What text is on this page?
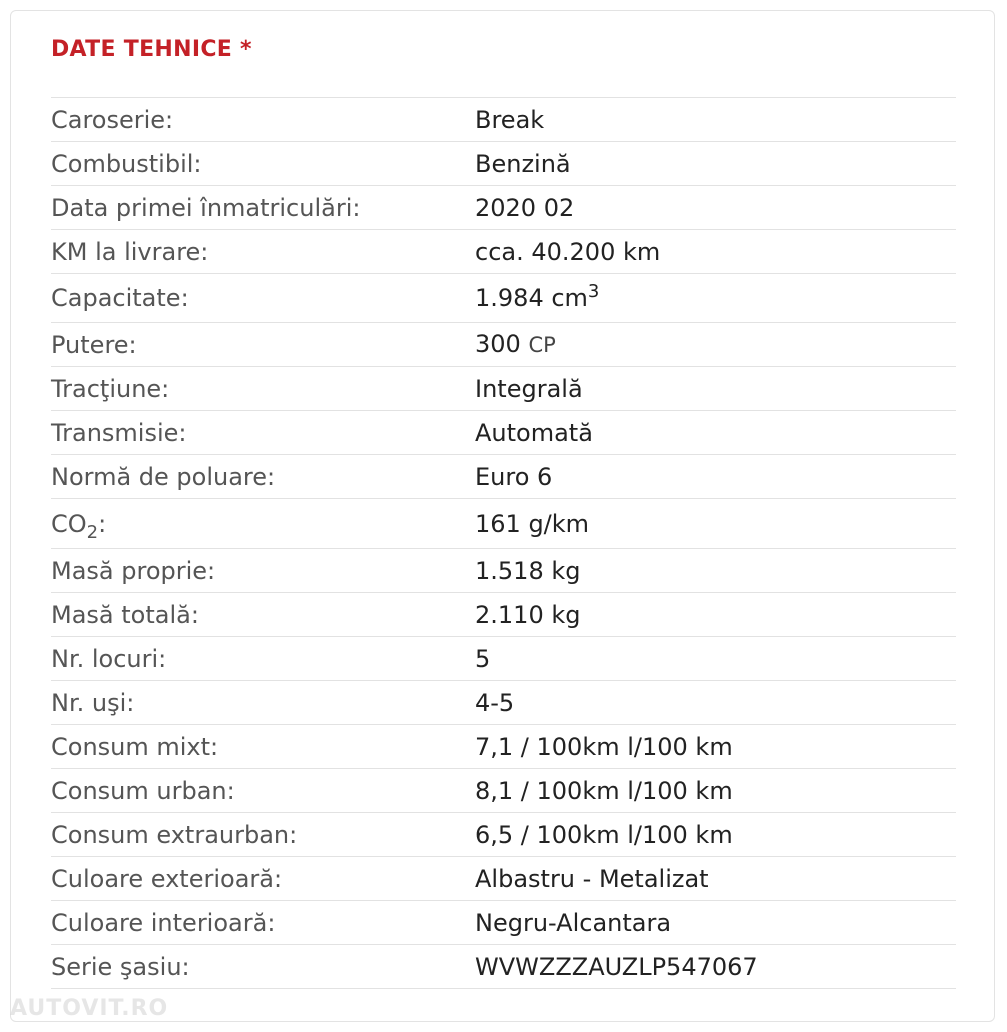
DATE TEHNICE *
Caroserie:	Break
Combustibil:	Benzină
Data primei înmatriculări:	2020 02
KM la livrare:	cca. 40.200 km
Capacitate:	1.984 $cm^3$
Putere:	300 CP
Tracţiune:	Integrală
Transmisie:	Automată
Normă de poluare:	Euro 6
$CO_2$:	161 g/km
Masă proprie:	1.518 kg
Masă totală:	2.110 kg
Nr. locuri:	5
Nr. uşi:	4-5
Consum mixt:	7,1 / 100km l/100 km
Consum urban:	8,1 / 100km l/100 km
Consum extraurban:	6,5 / 100km l/100 km
Culoare exterioară:	Albastru - Metalizat
Culoare interioară:	Negru-Alcantara
Serie şasiu:	WVWZZZAUZLP547067
AUTOVIT.RO
